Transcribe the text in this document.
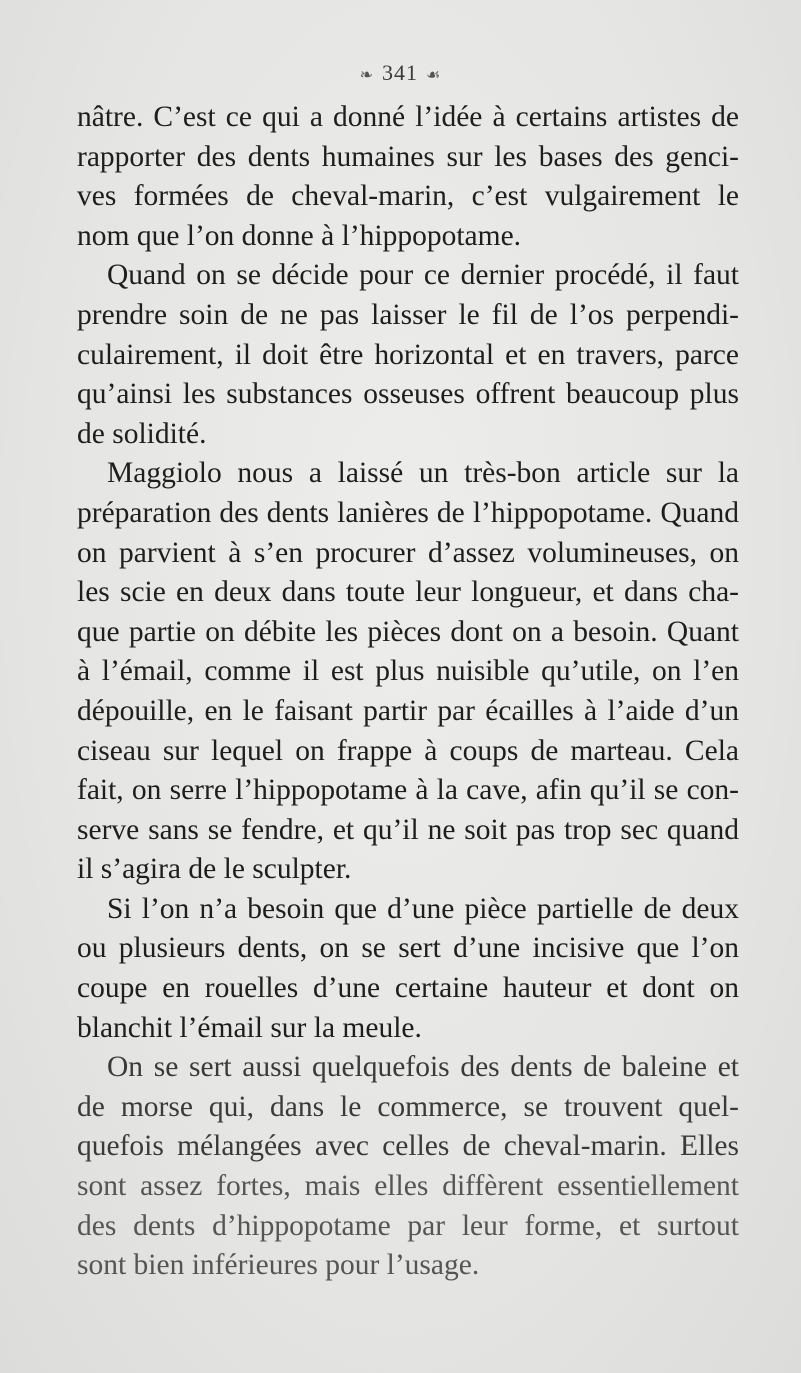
❧ 341 ☙
nâtre. C’est ce qui a donné l’idée à certains artistes de
rapporter des dents humaines sur les bases des genci-
ves formées de cheval-marin, c’est vulgairement le
nom que l’on donne à l’hippopotame.
Quand on se décide pour ce dernier procédé, il faut
prendre soin de ne pas laisser le fil de l’os perpendi-
culairement, il doit être horizontal et en travers, parce
qu’ainsi les substances osseuses offrent beaucoup plus
de solidité.
Maggiolo nous a laissé un très-bon article sur la
préparation des dents lanières de l’hippopotame. Quand
on parvient à s’en procurer d’assez volumineuses, on
les scie en deux dans toute leur longueur, et dans cha-
que partie on débite les pièces dont on a besoin. Quant
à l’émail, comme il est plus nuisible qu’utile, on l’en
dépouille, en le faisant partir par écailles à l’aide d’un
ciseau sur lequel on frappe à coups de marteau. Cela
fait, on serre l’hippopotame à la cave, afin qu’il se con-
serve sans se fendre, et qu’il ne soit pas trop sec quand
il s’agira de le sculpter.
Si l’on n’a besoin que d’une pièce partielle de deux
ou plusieurs dents, on se sert d’une incisive que l’on
coupe en rouelles d’une certaine hauteur et dont on
blanchit l’émail sur la meule.
On se sert aussi quelquefois des dents de baleine et
de morse qui, dans le commerce, se trouvent quel-
quefois mélangées avec celles de cheval-marin. Elles
sont assez fortes, mais elles diffèrent essentiellement
des dents d’hippopotame par leur forme, et surtout
sont bien inférieures pour l’usage.
